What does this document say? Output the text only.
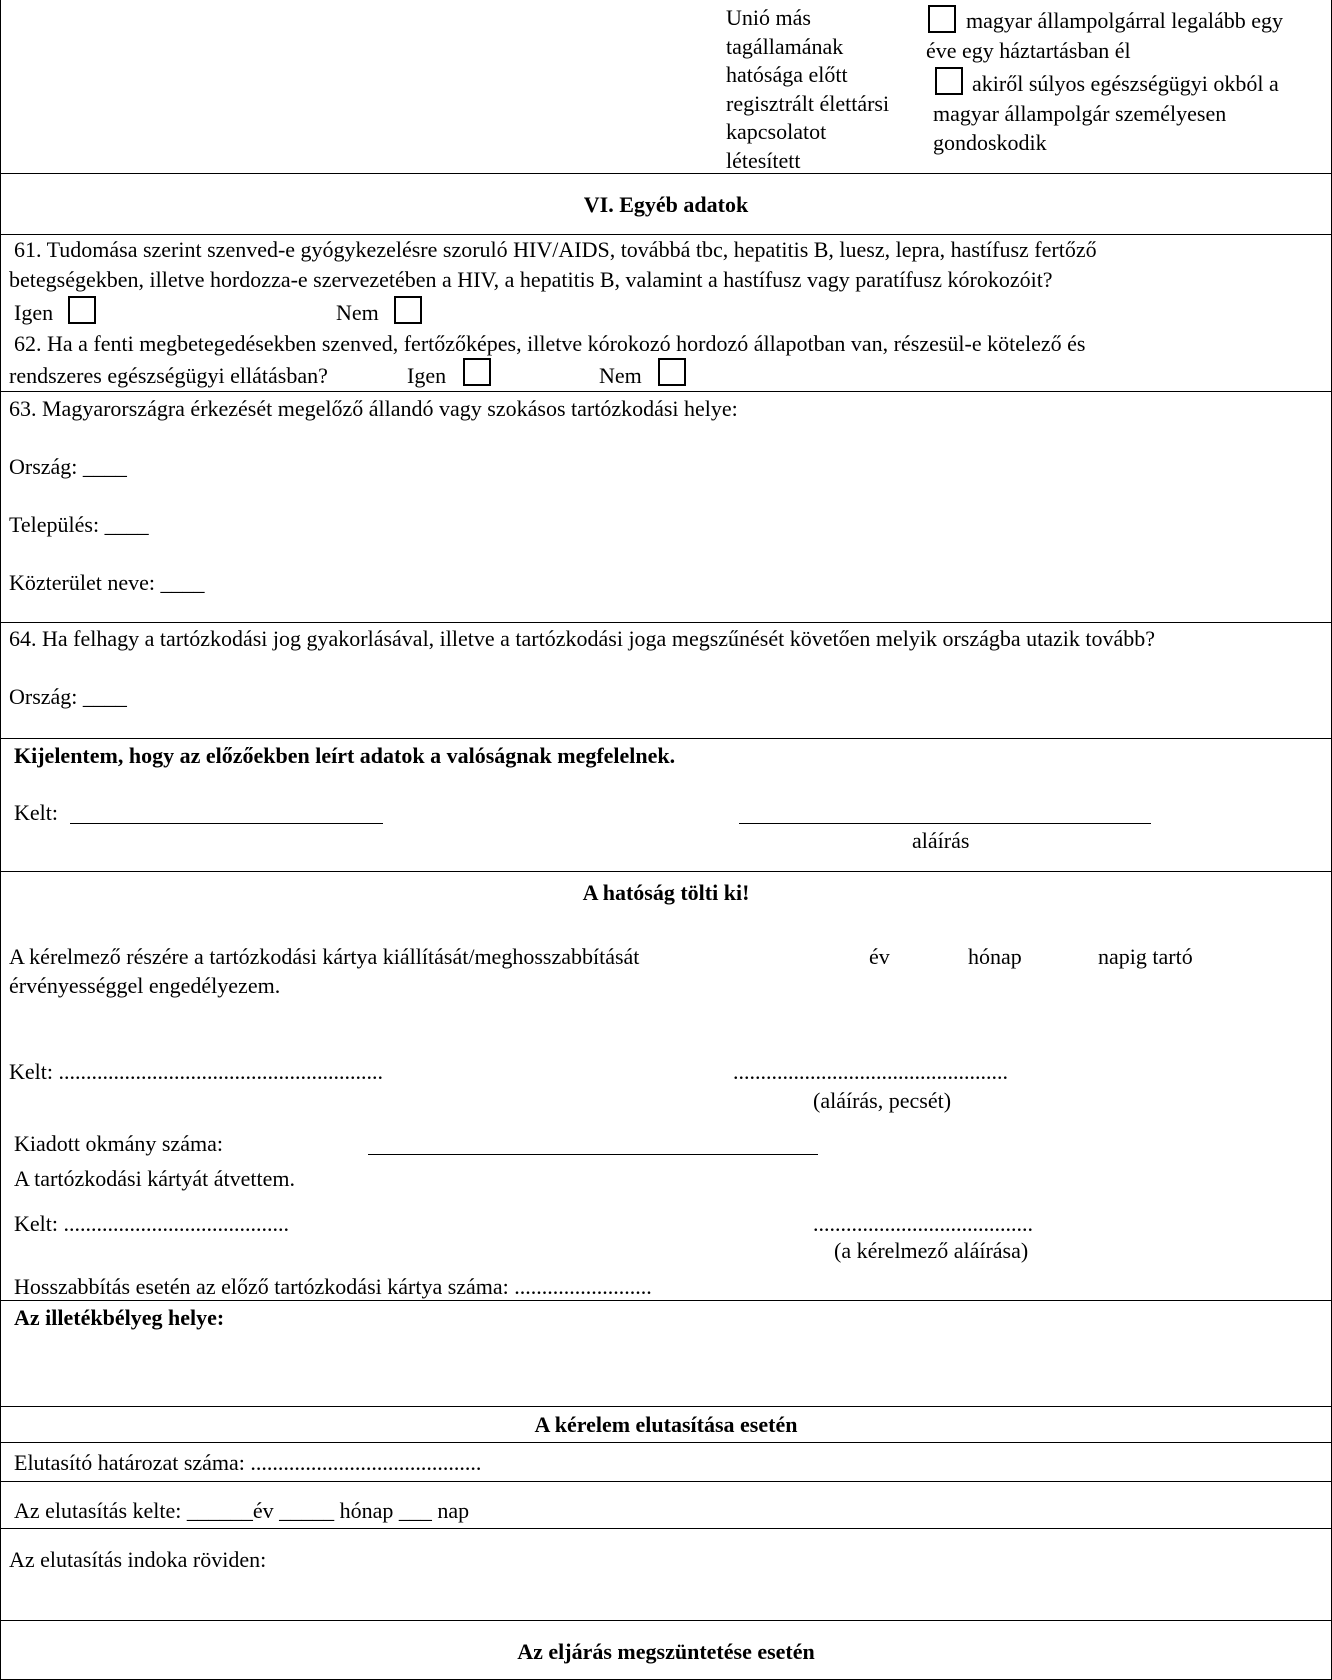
Unió más
tagállamának
hatósága előtt
regisztrált élettársi
kapcsolatot
létesített
magyar állampolgárral legalább egy
éve egy háztartásban él
akiről súlyos egészségügyi okból a
magyar állampolgár személyesen
gondoskodik
VI. Egyéb adatok
61. Tudomása szerint szenved-e gyógykezelésre szoruló HIV/AIDS, továbbá tbc, hepatitis B, luesz, lepra, hastífusz fertőző
betegségekben, illetve hordozza-e szervezetében a HIV, a hepatitis B, valamint a hastífusz vagy paratífusz kórokozóit?
Igen	Nem
62. Ha a fenti megbetegedésekben szenved, fertőzőképes, illetve kórokozó hordozó állapotban van, részesül-e kötelező és
rendszeres egészségügyi ellátásban?	Igen	Nem
63. Magyarországra érkezését megelőző állandó vagy szokásos tartózkodási helye:
Ország: ____
Település: ____
Közterület neve: ____
64. Ha felhagy a tartózkodási jog gyakorlásával, illetve a tartózkodási joga megszűnését követően melyik országba utazik tovább?
Ország: ____
Kijelentem, hogy az előzőekben leírt adatok a valóságnak megfelelnek.
Kelt:
aláírás
A hatóság tölti ki!
A kérelmező részére a tartózkodási kártya kiállítását/meghosszabbítását	év	hónap	napig tartó
érvényességgel engedélyezem.
Kelt: ...........................................................	..................................................
(aláírás, pecsét)
Kiadott okmány száma:
A tartózkodási kártyát átvettem.
Kelt: .........................................	........................................
(a kérelmező aláírása)
Hosszabbítás esetén az előző tartózkodási kártya száma: .........................
Az illetékbélyeg helye:
A kérelem elutasítása esetén
Elutasító határozat száma: ..........................................
Az elutasítás kelte: ______év _____ hónap ___ nap
Az elutasítás indoka röviden:
Az eljárás megszüntetése esetén
